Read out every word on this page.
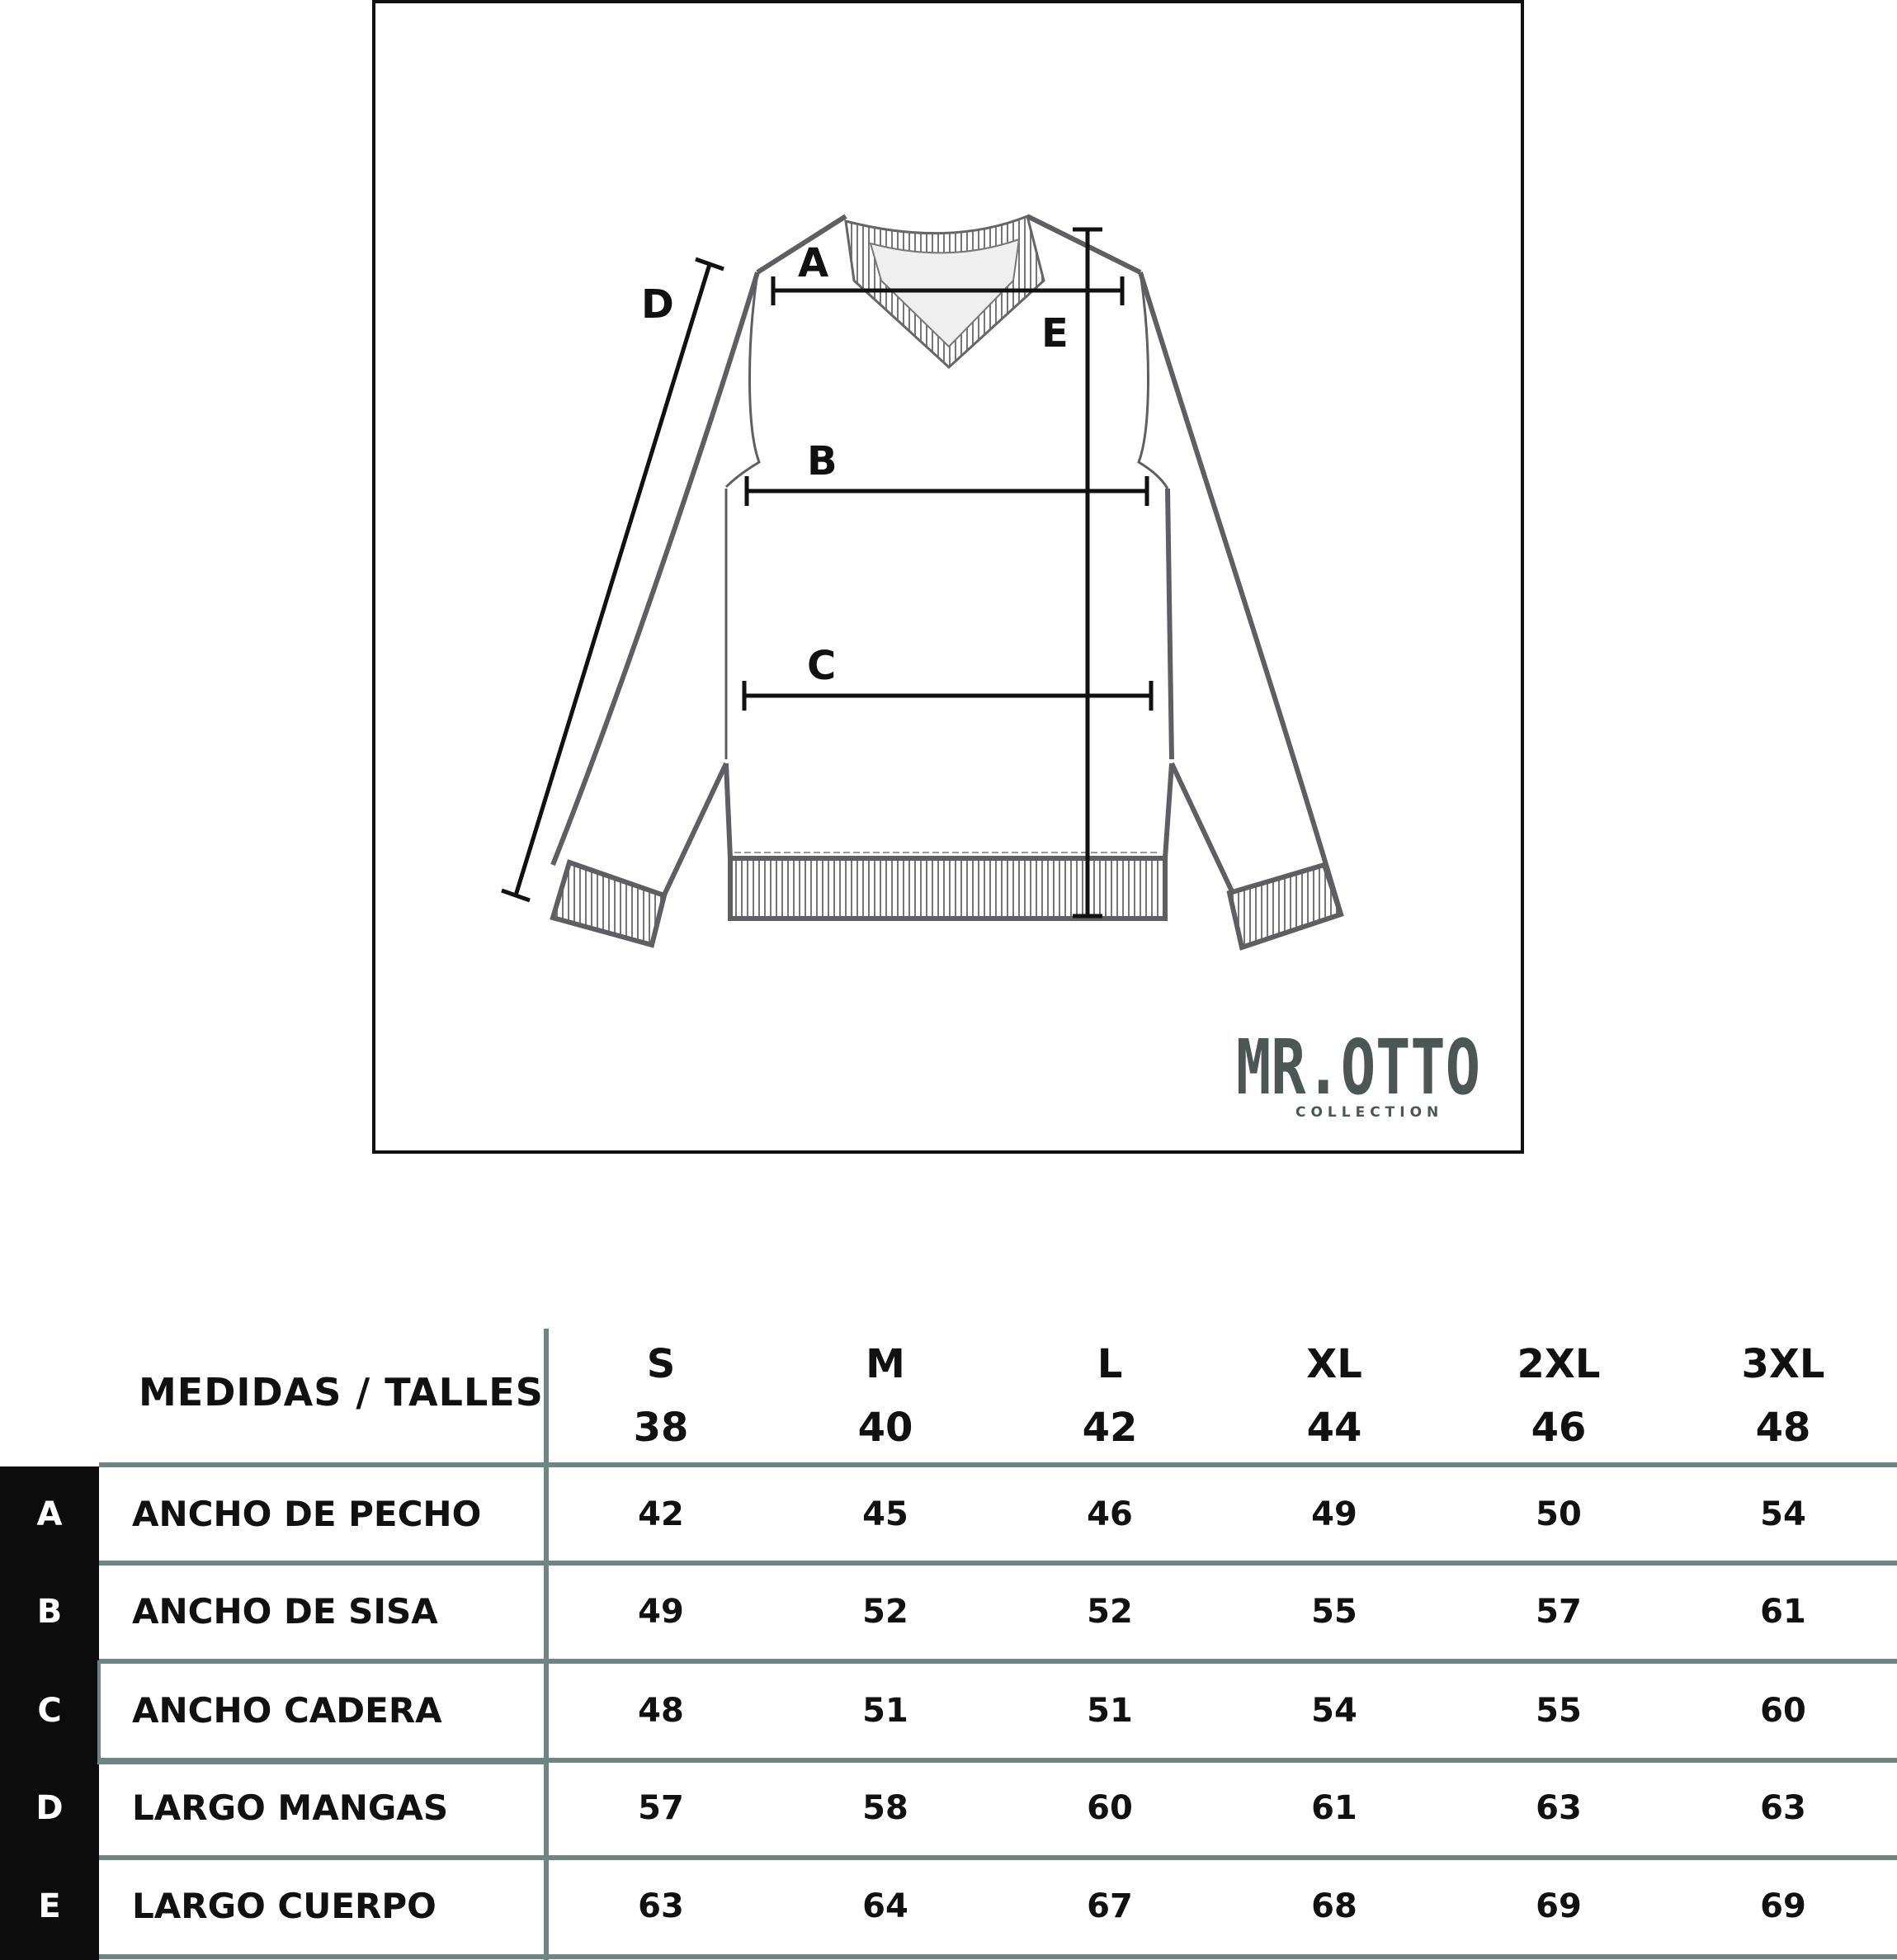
A
B
C
D
E
MR.OTTO
COLLECTION
MEDIDAS / TALLES
S	M	L	XL	2XL	3XL
38	40	42	44	46	48
A	ANCHO DE PECHO	42	45	46	49	50	54
B	ANCHO DE SISA	49	52	52	55	57	61
C	ANCHO CADERA	48	51	51	54	55	60
D	LARGO MANGAS	57	58	60	61	63	63
E	LARGO CUERPO	63	64	67	68	69	69
